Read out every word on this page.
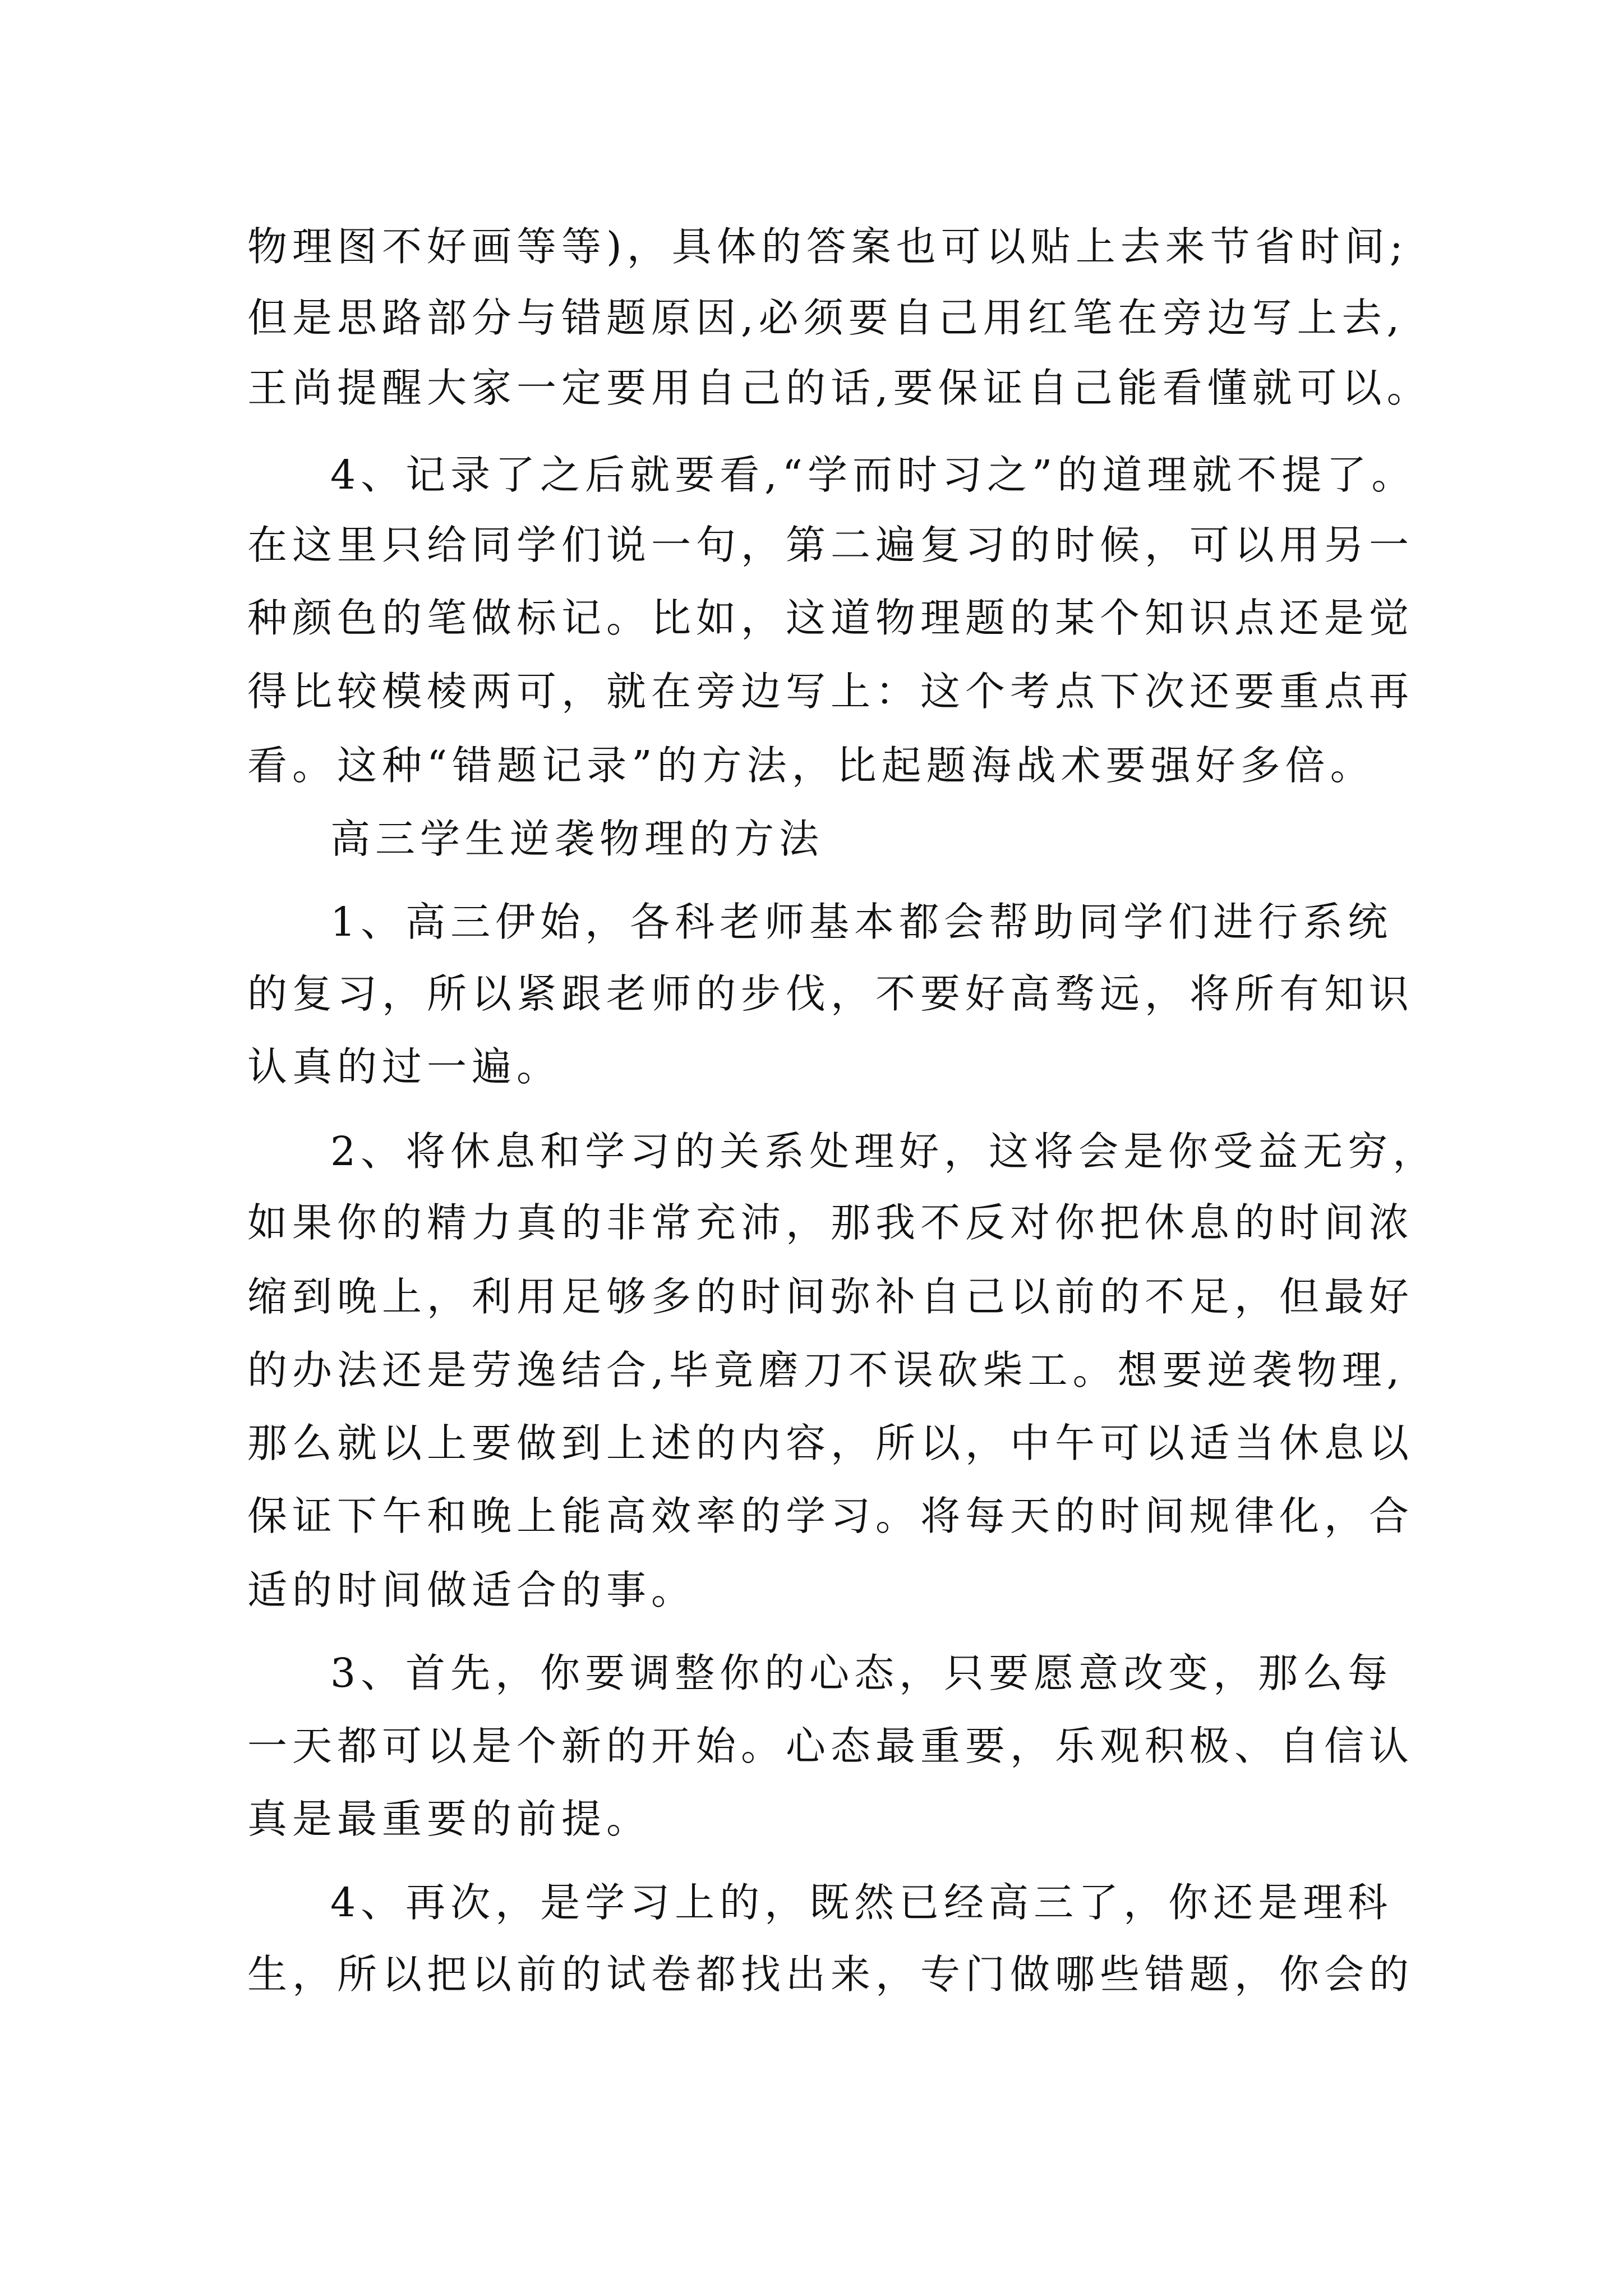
物理图不好画等等)，具体的答案也可以贴上去来节省时间;
但是思路部分与错题原因,必须要自己用红笔在旁边写上去,
王尚提醒大家一定要用自己的话,要保证自己能看懂就可以。
4、记录了之后就要看,“学而时习之”的道理就不提了。
在这里只给同学们说一句，第二遍复习的时候，可以用另一
种颜色的笔做标记。比如，这道物理题的某个知识点还是觉
得比较模棱两可，就在旁边写上：这个考点下次还要重点再
看。这种“错题记录”的方法，比起题海战术要强好多倍。
高三学生逆袭物理的方法
1、高三伊始，各科老师基本都会帮助同学们进行系统
的复习，所以紧跟老师的步伐，不要好高骛远，将所有知识
认真的过一遍。
2、将休息和学习的关系处理好，这将会是你受益无穷，
如果你的精力真的非常充沛，那我不反对你把休息的时间浓
缩到晚上，利用足够多的时间弥补自己以前的不足，但最好
的办法还是劳逸结合,毕竟磨刀不误砍柴工。想要逆袭物理,
那么就以上要做到上述的内容，所以，中午可以适当休息以
保证下午和晚上能高效率的学习。将每天的时间规律化，合
适的时间做适合的事。
3、首先，你要调整你的心态，只要愿意改变，那么每
一天都可以是个新的开始。心态最重要，乐观积极、自信认
真是最重要的前提。
4、再次，是学习上的，既然已经高三了，你还是理科
生，所以把以前的试卷都找出来，专门做哪些错题，你会的
